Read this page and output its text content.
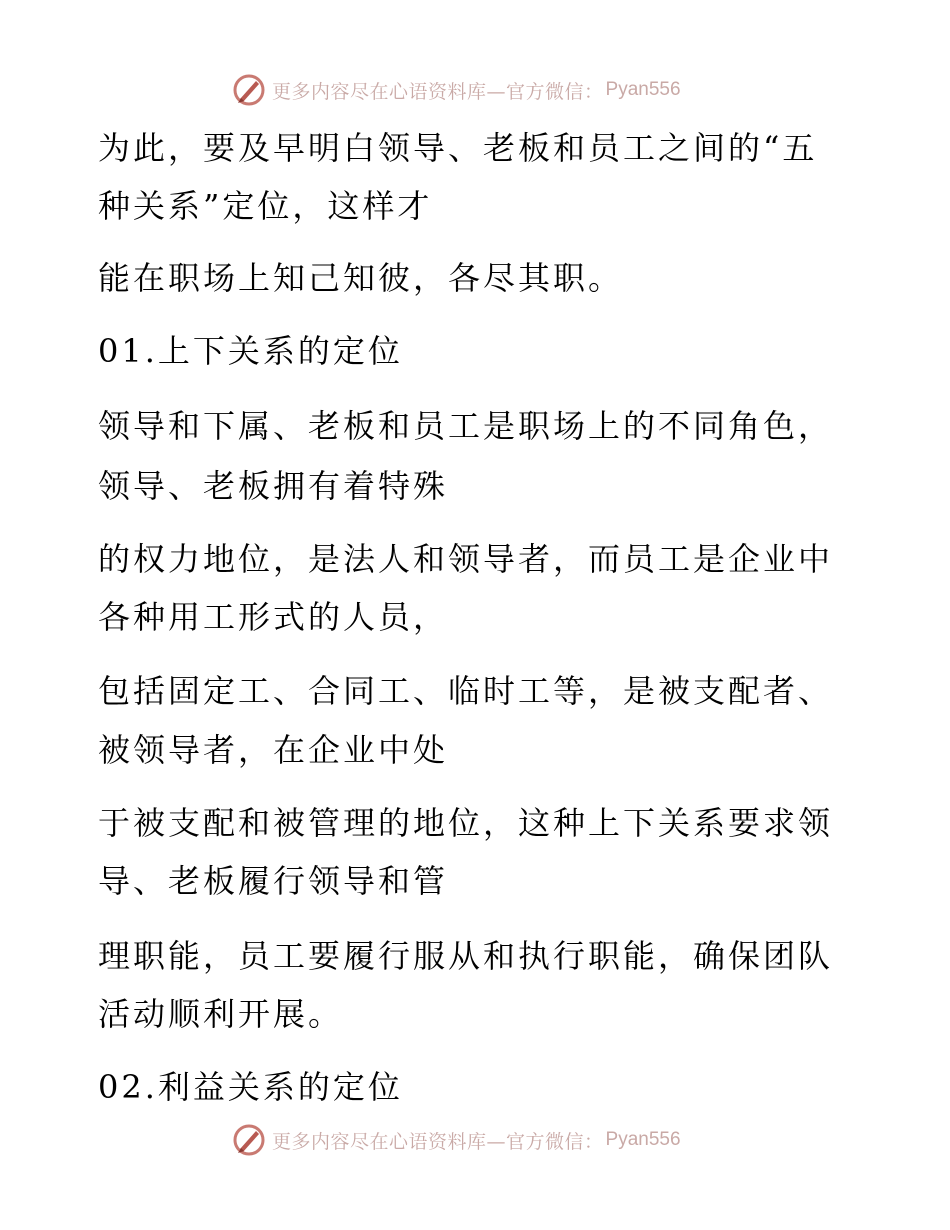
更多内容尽在心语资料库—官方微信： Pyan556
为此，要及早明白领导、老板和员工之间的“五
种关系”定位，这样才
能在职场上知己知彼，各尽其职。
01.上下关系的定位
领导和下属、老板和员工是职场上的不同角色，
领导、老板拥有着特殊
的权力地位，是法人和领导者，而员工是企业中
各种用工形式的人员，
包括固定工、合同工、临时工等，是被支配者、
被领导者，在企业中处
于被支配和被管理的地位，这种上下关系要求领
导、老板履行领导和管
理职能，员工要履行服从和执行职能，确保团队
活动顺利开展。
02.利益关系的定位
更多内容尽在心语资料库—官方微信： Pyan556
